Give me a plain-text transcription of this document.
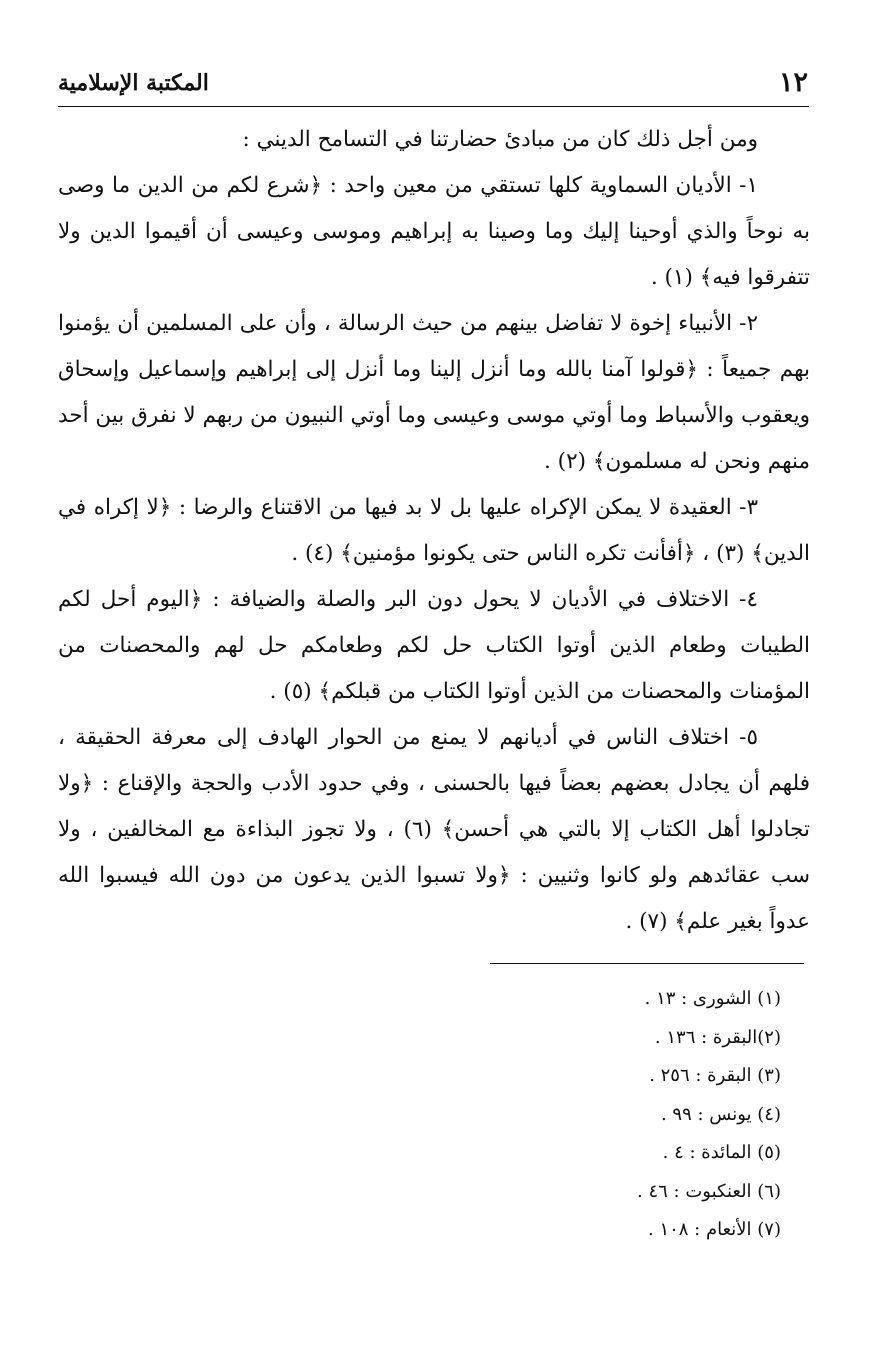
١٢
المكتبة الإسلامية

ومن أجل ذلك كان من مبادئ حضارتنا في التسامح الديني :

١- الأديان السماوية كلها تستقي من معين واحد : ﴿شرع لكم من الدين ما وصى به نوحاً والذي أوحينا إليك وما وصينا به إبراهيم وموسى وعيسى أن أقيموا الدين ولا تتفرقوا فيه﴾ (١) .

٢- الأنبياء إخوة لا تفاضل بينهم من حيث الرسالة ، وأن على المسلمين أن يؤمنوا بهم جميعاً : ﴿قولوا آمنا بالله وما أنزل إلينا وما أنزل إلى إبراهيم وإسماعيل وإسحاق ويعقوب والأسباط وما أوتي موسى وعيسى وما أوتي النبيون من ربهم لا نفرق بين أحد منهم ونحن له مسلمون﴾ (٢) .

٣- العقيدة لا يمكن الإكراه عليها بل لا بد فيها من الاقتناع والرضا : ﴿لا إكراه في الدين﴾ (٣) ، ﴿أفأنت تكره الناس حتى يكونوا مؤمنين﴾ (٤) .

٤- الاختلاف في الأديان لا يحول دون البر والصلة والضيافة : ﴿اليوم أحل لكم الطيبات وطعام الذين أوتوا الكتاب حل لكم وطعامكم حل لهم والمحصنات من المؤمنات والمحصنات من الذين أوتوا الكتاب من قبلكم﴾ (٥) .

٥- اختلاف الناس في أديانهم لا يمنع من الحوار الهادف إلى معرفة الحقيقة ، فلهم أن يجادل بعضهم بعضاً فيها بالحسنى ، وفي حدود الأدب والحجة والإقناع : ﴿ولا تجادلوا أهل الكتاب إلا بالتي هي أحسن﴾ (٦) ، ولا تجوز البذاءة مع المخالفين ، ولا سب عقائدهم ولو كانوا وثنيين : ﴿ولا تسبوا الذين يدعون من دون الله فيسبوا الله عدواً بغير علم﴾ (٧) .

(١) الشورى : ١٣ .

(٢)البقرة : ١٣٦ .

(٣) البقرة : ٢٥٦ .

(٤) يونس : ٩٩ .

(٥) المائدة : ٤ .

(٦) العنكبوت : ٤٦ .

(٧) الأنعام : ١٠٨ .
